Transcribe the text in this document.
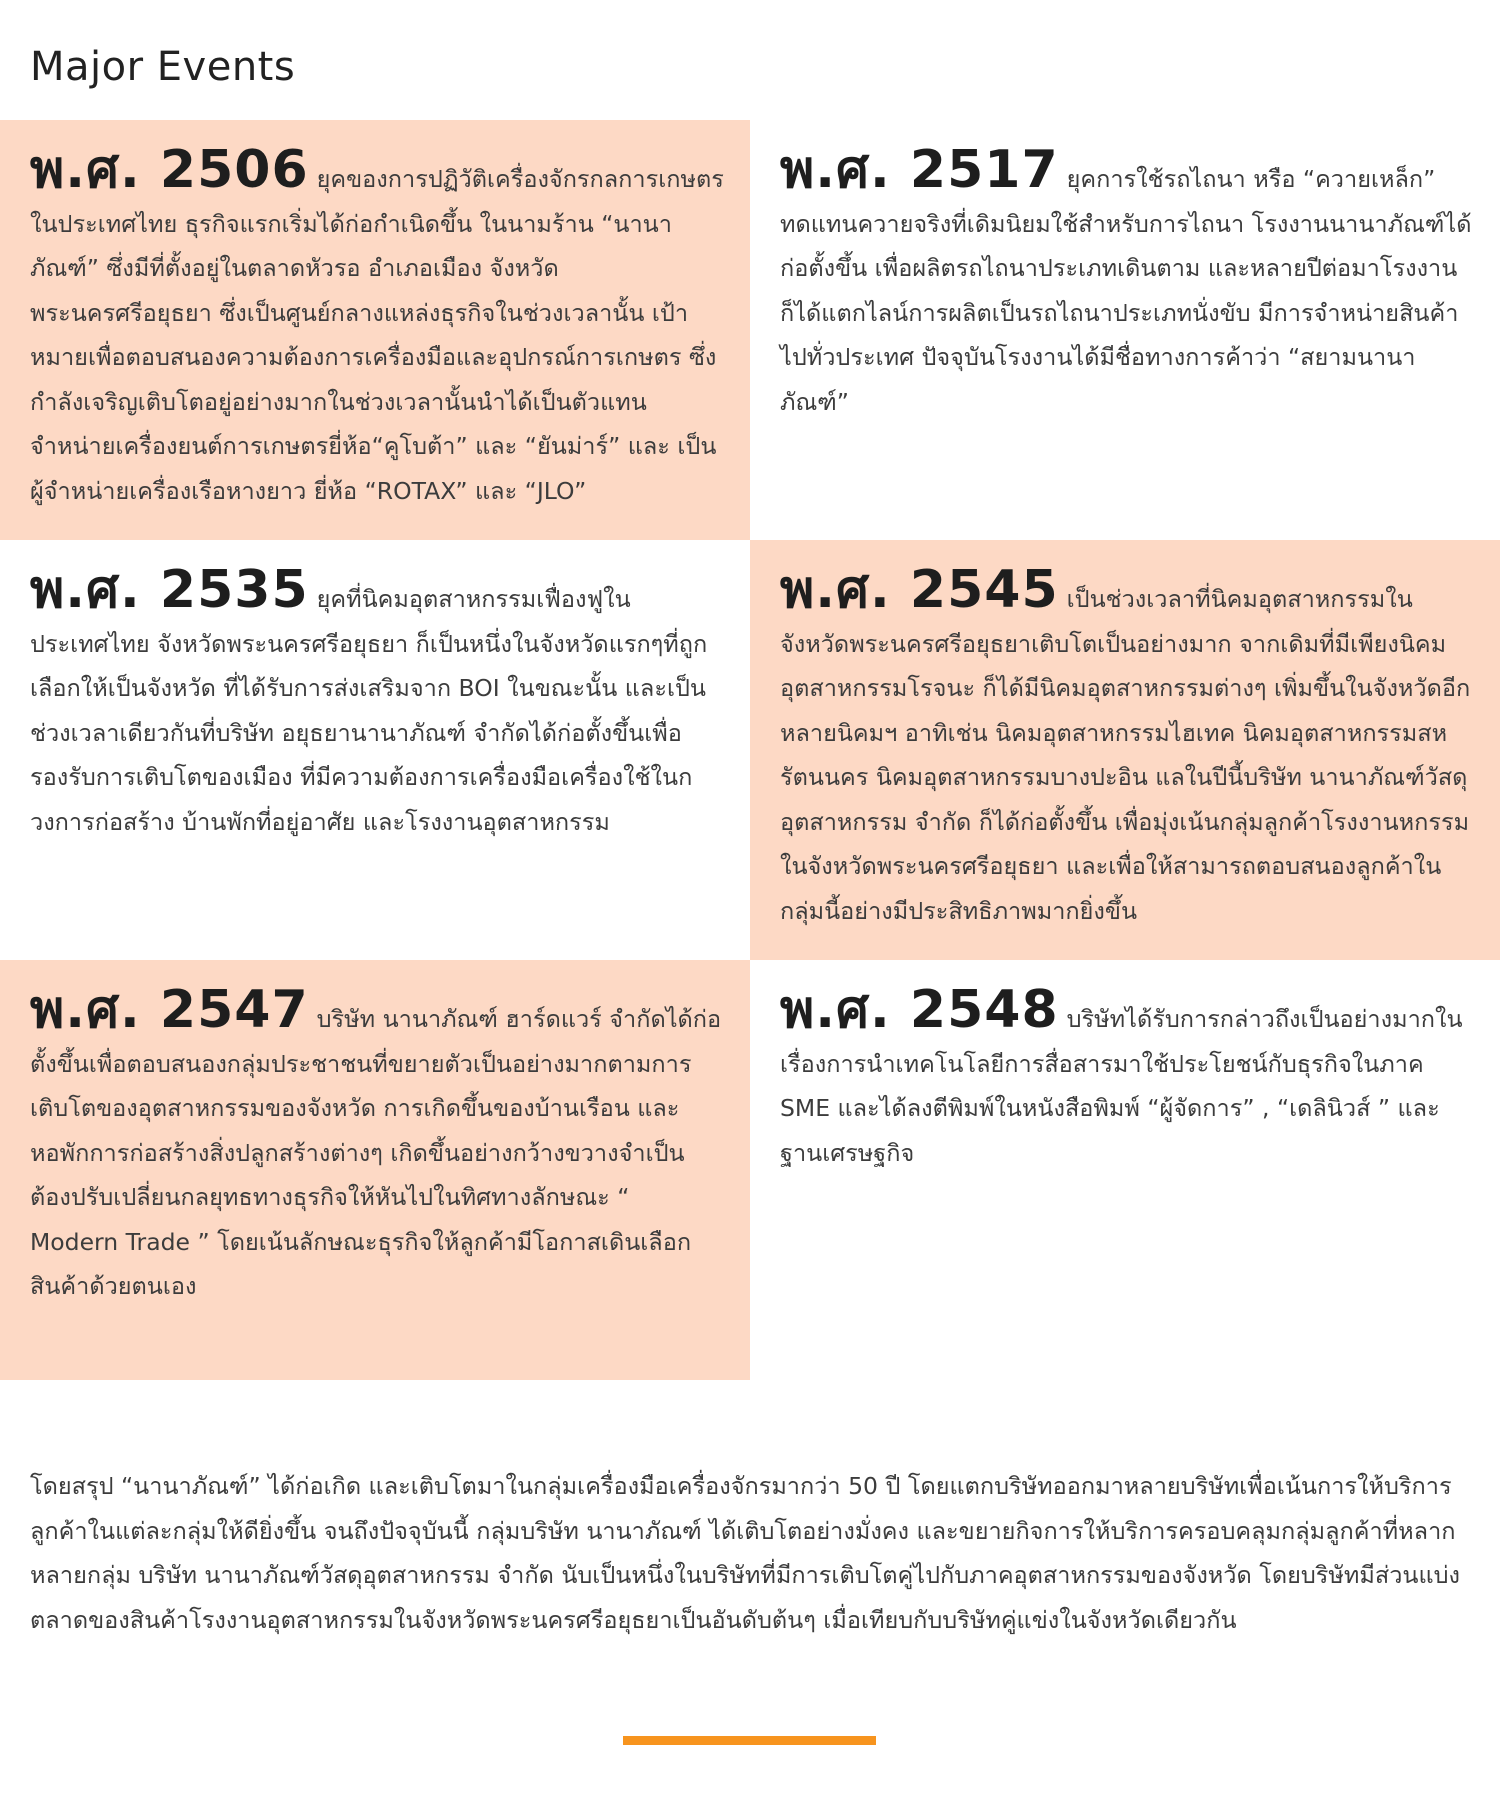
Major Events

พ.ศ. 2506 ยุคของการปฏิวัติเครื่องจักรกลการเกษตรในประเทศไทย ธุรกิจแรกเริ่มได้ก่อกำเนิดขึ้น ในนามร้าน “นานาภัณฑ์” ซึ่งมีที่ตั้งอยู่ในตลาดหัวรอ อำเภอเมือง จังหวัดพระนครศรีอยุธยา ซึ่งเป็นศูนย์กลางแหล่งธุรกิจในช่วงเวลานั้น เป้าหมายเพื่อตอบสนองความต้องการเครื่องมือและอุปกรณ์การเกษตร ซึ่งกำลังเจริญเติบโตอยู่อย่างมากในช่วงเวลานั้นนำได้เป็นตัวแทนจำหน่ายเครื่องยนต์การเกษตรยี่ห้อ“คูโบต้า” และ “ยันม่าร์” และ เป็นผู้จำหน่ายเครื่องเรือหางยาว ยี่ห้อ “ROTAX” และ “JLO”

พ.ศ. 2517 ยุคการใช้รถไถนา หรือ “ควายเหล็ก” ทดแทนควายจริงที่เดิมนิยมใช้สำหรับการไถนา โรงงานนานาภัณฑ์ได้ก่อตั้งขึ้น เพื่อผลิตรถไถนาประเภทเดินตาม และหลายปีต่อมาโรงงานก็ได้แตกไลน์การผลิตเป็นรถไถนาประเภทนั่งขับ มีการจำหน่ายสินค้าไปทั่วประเทศ ปัจจุบันโรงงานได้มีชื่อทางการค้าว่า “สยามนานาภัณฑ์”

พ.ศ. 2535 ยุคที่นิคมอุตสาหกรรมเฟื่องฟูในประเทศไทย จังหวัดพระนครศรีอยุธยา ก็เป็นหนึ่งในจังหวัดแรกๆที่ถูกเลือกให้เป็นจังหวัด ที่ได้รับการส่งเสริมจาก BOI ในขณะนั้น และเป็นช่วงเวลาเดียวกันที่บริษัท อยุธยานานาภัณฑ์ จำกัดได้ก่อตั้งขึ้นเพื่อรองรับการเติบโตของเมือง ที่มีความต้องการเครื่องมือเครื่องใช้ในกวงการก่อสร้าง บ้านพักที่อยู่อาศัย และโรงงานอุตสาหกรรม

พ.ศ. 2545 เป็นช่วงเวลาที่นิคมอุตสาหกรรมในจังหวัดพระนครศรีอยุธยาเติบโตเป็นอย่างมาก จากเดิมที่มีเพียงนิคมอุตสาหกรรมโรจนะ ก็ได้มีนิคมอุตสาหกรรมต่างๆ เพิ่มขึ้นในจังหวัดอีกหลายนิคมฯ อาทิเช่น นิคมอุตสาหกรรมไฮเทค นิคมอุตสาหกรรมสหรัตนนคร นิคมอุตสาหกรรมบางปะอิน แลในปีนี้บริษัท นานาภัณฑ์วัสดุอุตสาหกรรม จำกัด ก็ได้ก่อตั้งขึ้น เพื่อมุ่งเน้นกลุ่มลูกค้าโรงงานหกรรมในจังหวัดพระนครศรีอยุธยา และเพื่อให้สามารถตอบสนองลูกค้าในกลุ่มนี้อย่างมีประสิทธิภาพมากยิ่งขึ้น

พ.ศ. 2547 บริษัท นานาภัณฑ์ ฮาร์ดแวร์ จำกัดได้ก่อตั้งขึ้นเพื่อตอบสนองกลุ่มประชาชนที่ขยายตัวเป็นอย่างมากตามการเติบโตของอุตสาหกรรมของจังหวัด การเกิดขึ้นของบ้านเรือน และหอพักการก่อสร้างสิ่งปลูกสร้างต่างๆ เกิดขึ้นอย่างกว้างขวางจำเป็นต้องปรับเปลี่ยนกลยุทธทางธุรกิจให้หันไปในทิศทางลักษณะ “ Modern Trade ” โดยเน้นลักษณะธุรกิจให้ลูกค้ามีโอกาสเดินเลือกสินค้าด้วยตนเอง

พ.ศ. 2548 บริษัทได้รับการกล่าวถึงเป็นอย่างมากในเรื่องการนำเทคโนโลยีการสื่อสารมาใช้ประโยชน์กับธุรกิจในภาค SME และได้ลงตีพิมพ์ในหนังสือพิมพ์ “ผู้จัดการ” , “เดลินิวส์ ” และฐานเศรษฐกิจ

โดยสรุป “นานาภัณฑ์” ได้ก่อเกิด และเติบโตมาในกลุ่มเครื่องมือเครื่องจักรมากว่า 50 ปี โดยแตกบริษัทออกมาหลายบริษัทเพื่อเน้นการให้บริการลูกค้าในแต่ละกลุ่มให้ดียิ่งขึ้น จนถึงปัจจุบันนี้ กลุ่มบริษัท นานาภัณฑ์ ได้เติบโตอย่างมั่งคง และขยายกิจการให้บริการครอบคลุมกลุ่มลูกค้าที่หลากหลายกลุ่ม บริษัท นานาภัณฑ์วัสดุอุตสาหกรรม จำกัด นับเป็นหนึ่งในบริษัทที่มีการเติบโตคู่ไปกับภาคอุตสาหกรรมของจังหวัด โดยบริษัทมีส่วนแบ่งตลาดของสินค้าโรงงานอุตสาหกรรมในจังหวัดพระนครศรีอยุธยาเป็นอันดับต้นๆ เมื่อเทียบกับบริษัทคู่แข่งในจังหวัดเดียวกัน
